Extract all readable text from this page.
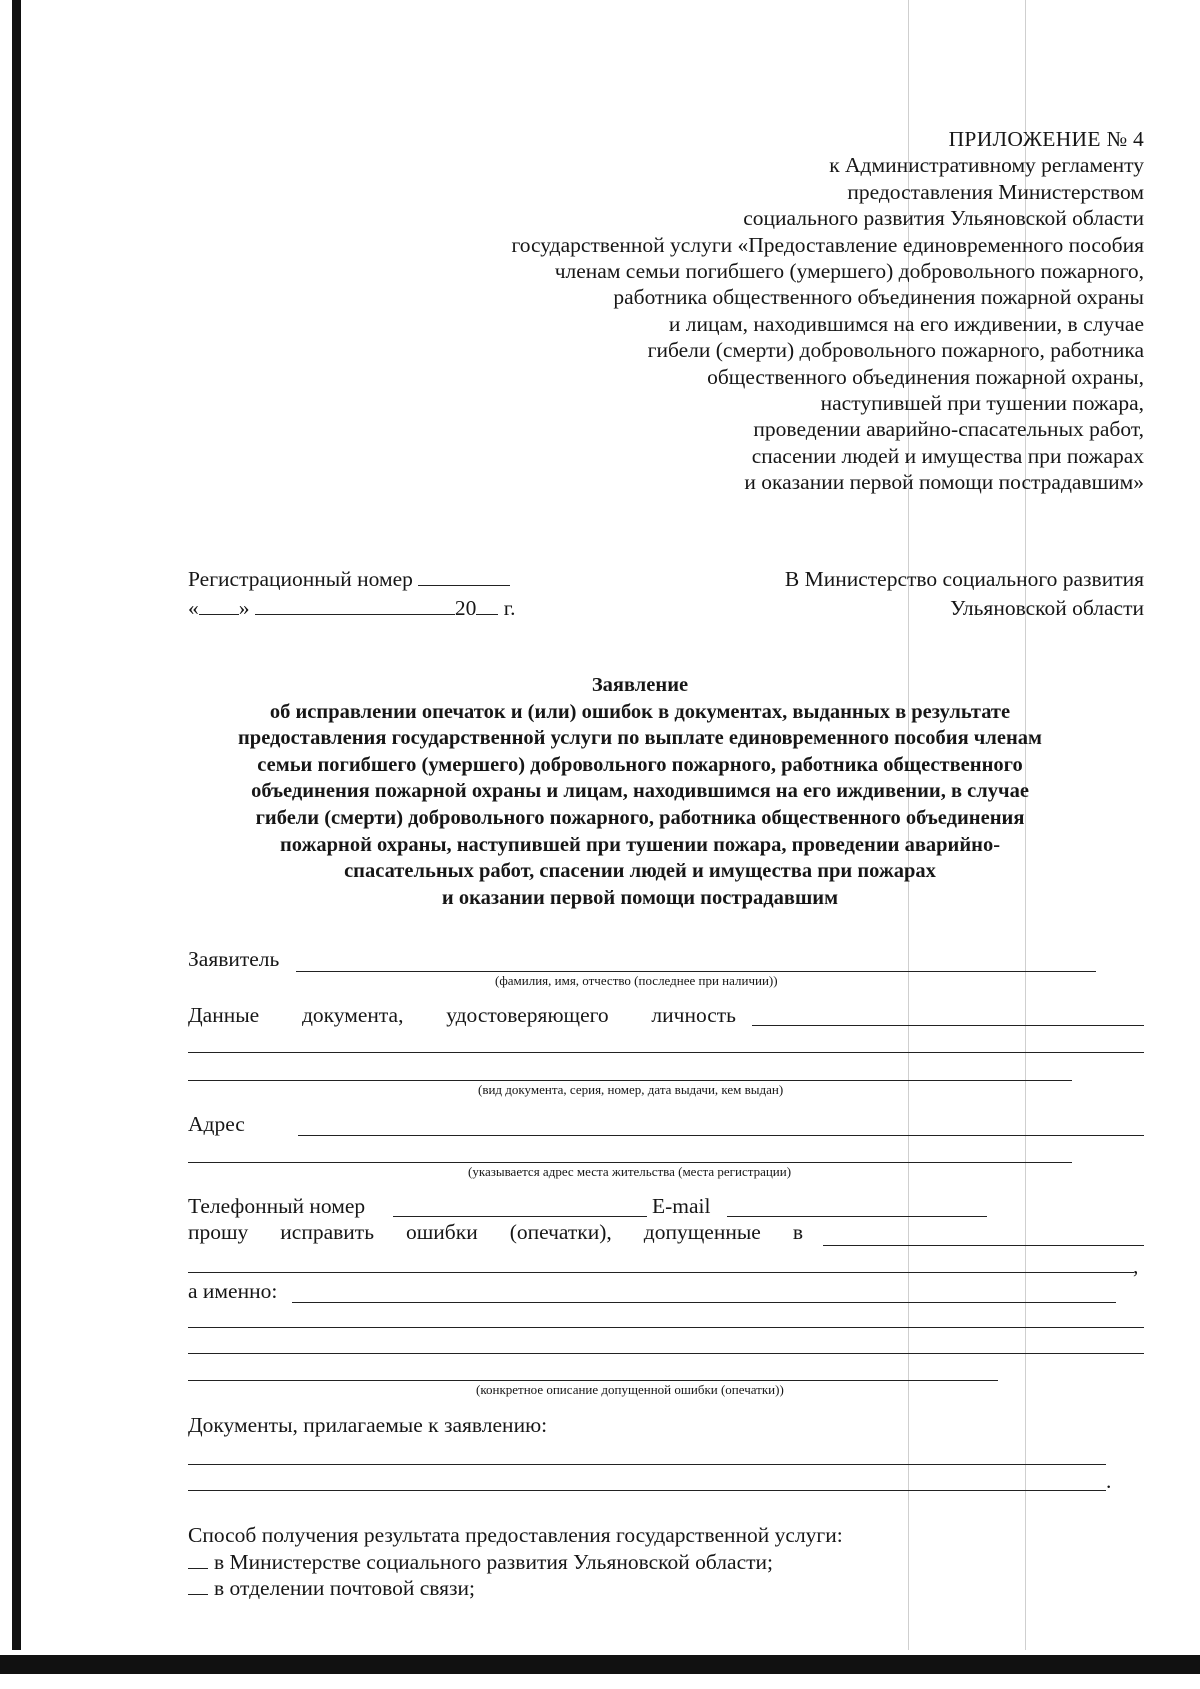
ПРИЛОЖЕНИЕ № 4
к Административному регламенту
предоставления Министерством
социального развития Ульяновской области
государственной услуги «Предоставление единовременного пособия
членам семьи погибшего (умершего) добровольного пожарного,
работника общественного объединения пожарной охраны
и лицам, находившимся на его иждивении, в случае
гибели (смерти) добровольного пожарного, работника
общественного объединения пожарной охраны,
наступившей при тушении пожара,
проведении аварийно-спасательных работ,
спасении людей и имущества при пожарах
и оказании первой помощи пострадавшим»
Регистрационный номер
« »	20 г.
В Министерство социального развития
Ульяновской области
Заявление
об исправлении опечаток и (или) ошибок в документах, выданных в результате
предоставления государственной услуги по выплате единовременного пособия членам
семьи погибшего (умершего) добровольного пожарного, работника общественного
объединения пожарной охраны и лицам, находившимся на его иждивении, в случае
гибели (смерти) добровольного пожарного, работника общественного объединения
пожарной охраны, наступившей при тушении пожара, проведении аварийно-
спасательных работ, спасении людей и имущества при пожарах
и оказании первой помощи пострадавшим
Заявитель
(фамилия, имя, отчество (последнее при наличии))
Данные документа, удостоверяющего личность
(вид документа, серия, номер, дата выдачи, кем выдан)
Адрес
(указывается адрес места жительства (места регистрации)
Телефонный номер	E-mail
прошу исправить ошибки (опечатки), допущенные в
,
а именно:
(конкретное описание допущенной ошибки (опечатки))
Документы, прилагаемые к заявлению:
.
Способ получения результата предоставления государственной услуги:
в Министерстве социального развития Ульяновской области;
в отделении почтовой связи;
